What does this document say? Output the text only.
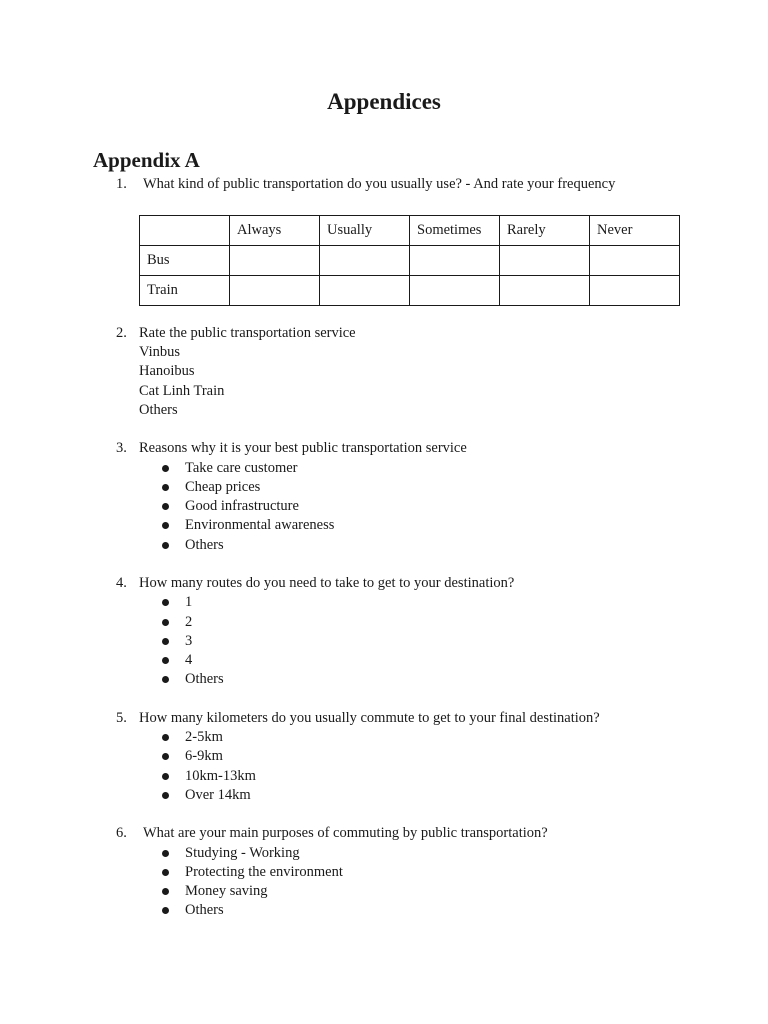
Appendices
Appendix A
1. What kind of public transportation do you usually use? - And rate your frequency
	Always	Usually	Sometimes	Rarely	Never
Bus					
Train					
2. Rate the public transportation service
Vinbus
Hanoibus
Cat Linh Train
Others
3. Reasons why it is your best public transportation service
Take care customer
Cheap prices
Good infrastructure
Environmental awareness
Others
4. How many routes do you need to take to get to your destination?
1
2
3
4
Others
5. How many kilometers do you usually commute to get to your final destination?
2-5km
6-9km
10km-13km
Over 14km
6. What are your main purposes of commuting by public transportation?
Studying - Working
Protecting the environment
Money saving
Others
